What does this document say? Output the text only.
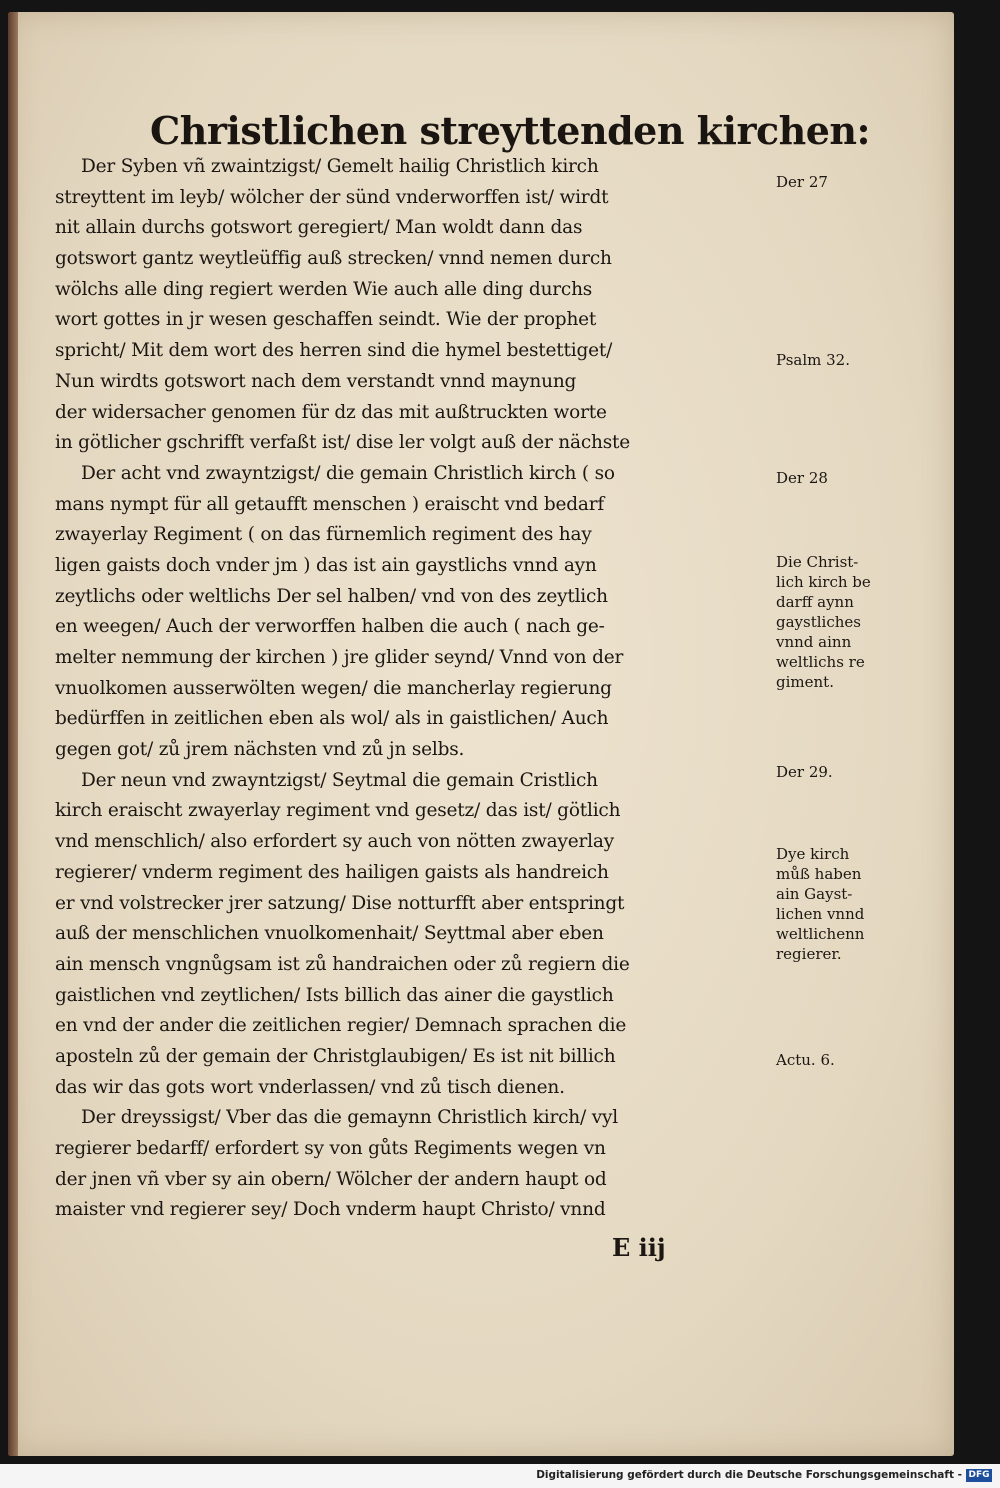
Christlichen streyttenden kirchen:
Der Syben vñ zwaintzigst/ Gemelt hailig Christlich kirch
streyttent im leyb/ wölcher der sünd vnderworffen ist/ wirdt
nit allain durchs gotswort geregiert/ Man woldt dann das
gotswort gantz weytleüffig auß strecken/ vnnd nemen durch
wölchs alle ding regiert werden Wie auch alle ding durchs
wort gottes in jr wesen geschaffen seindt. Wie der prophet
spricht/ Mit dem wort des herren sind die hymel bestettiget/
Nun wirdts gotswort nach dem verstandt vnnd maynung
der widersacher genomen für dz das mit außtruckten worte
in götlicher gschrifft verfaßt ist/ dise ler volgt auß der nächste
Der acht vnd zwayntzigst/ die gemain Christlich kirch ( so
mans nympt für all getaufft menschen ) eraischt vnd bedarf
zwayerlay Regiment ( on das fürnemlich regiment des hay
ligen gaists doch vnder jm ) das ist ain gaystlichs vnnd ayn
zeytlichs oder weltlichs Der sel halben/ vnd von des zeytlich
en weegen/ Auch der verworffen halben die auch ( nach ge-
melter nemmung der kirchen ) jre glider seynd/ Vnnd von der
vnuolkomen ausserwölten wegen/ die mancherlay regierung
bedürffen in zeitlichen eben als wol/ als in gaistlichen/ Auch
gegen got/ zů jrem nächsten vnd zů jn selbs.
Der neun vnd zwayntzigst/ Seytmal die gemain Cristlich
kirch eraischt zwayerlay regiment vnd gesetz/ das ist/ götlich
vnd menschlich/ also erfordert sy auch von nötten zwayerlay
regierer/ vnderm regiment des hailigen gaists als handreich
er vnd volstrecker jrer satzung/ Dise notturfft aber entspringt
auß der menschlichen vnuolkomenhait/ Seyttmal aber eben
ain mensch vngnůgsam ist zů handraichen oder zů regiern die
gaistlichen vnd zeytlichen/ Ists billich das ainer die gaystlich
en vnd der ander die zeitlichen regier/ Demnach sprachen die
aposteln zů der gemain der Christglaubigen/ Es ist nit billich
das wir das gots wort vnderlassen/ vnd zů tisch dienen.
Der dreyssigst/ Vber das die gemaynn Christlich kirch/ vyl
regierer bedarff/ erfordert sy von gůts Regiments wegen vn
der jnen vñ vber sy ain obern/ Wölcher der andern haupt od
maister vnd regierer sey/ Doch vnderm haupt Christo/ vnnd
Der 27
Psalm 32.
Der 28
Die Christ-
lich kirch be
darff aynn
gaystliches
vnnd ainn
weltlichs re
giment.
Der 29.
Dye kirch
můß haben
ain Gayst-
lichen vnnd
weltlichenn
regierer.
Actu. 6.
E iij
Digitalisierung gefördert durch die Deutsche Forschungsgemeinschaft - DFG
